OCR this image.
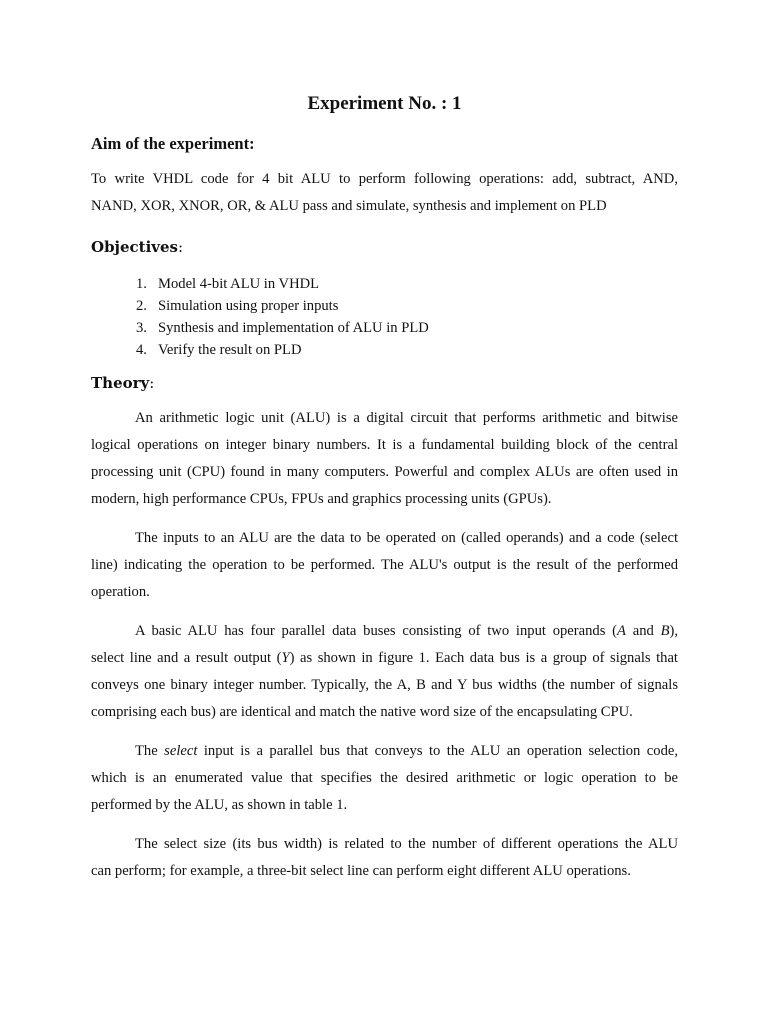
Experiment No. : 1
Aim of the experiment:
To write VHDL code for 4 bit ALU to perform following operations: add, subtract, AND,
NAND, XOR, XNOR, OR, & ALU pass and simulate, synthesis and implement on PLD
Objectives:
1. Model 4-bit ALU in VHDL
2. Simulation using proper inputs
3. Synthesis and implementation of ALU in PLD
4. Verify the result on PLD
Theory:
An arithmetic logic unit (ALU) is a digital circuit that performs arithmetic and bitwise
logical operations on integer binary numbers. It is a fundamental building block of the central
processing unit (CPU) found in many computers. Powerful and complex ALUs are often used in
modern, high performance CPUs, FPUs and graphics processing units (GPUs).
The inputs to an ALU are the data to be operated on (called operands) and a code (select
line) indicating the operation to be performed. The ALU's output is the result of the performed
operation.
A basic ALU has four parallel data buses consisting of two input operands (A and B),
select line and a result output (Y) as shown in figure 1. Each data bus is a group of signals that
conveys one binary integer number. Typically, the A, B and Y bus widths (the number of signals
comprising each bus) are identical and match the native word size of the encapsulating CPU.
The select input is a parallel bus that conveys to the ALU an operation selection code,
which is an enumerated value that specifies the desired arithmetic or logic operation to be
performed by the ALU, as shown in table 1.
The select size (its bus width) is related to the number of different operations the ALU
can perform; for example, a three-bit select line can perform eight different ALU operations.
